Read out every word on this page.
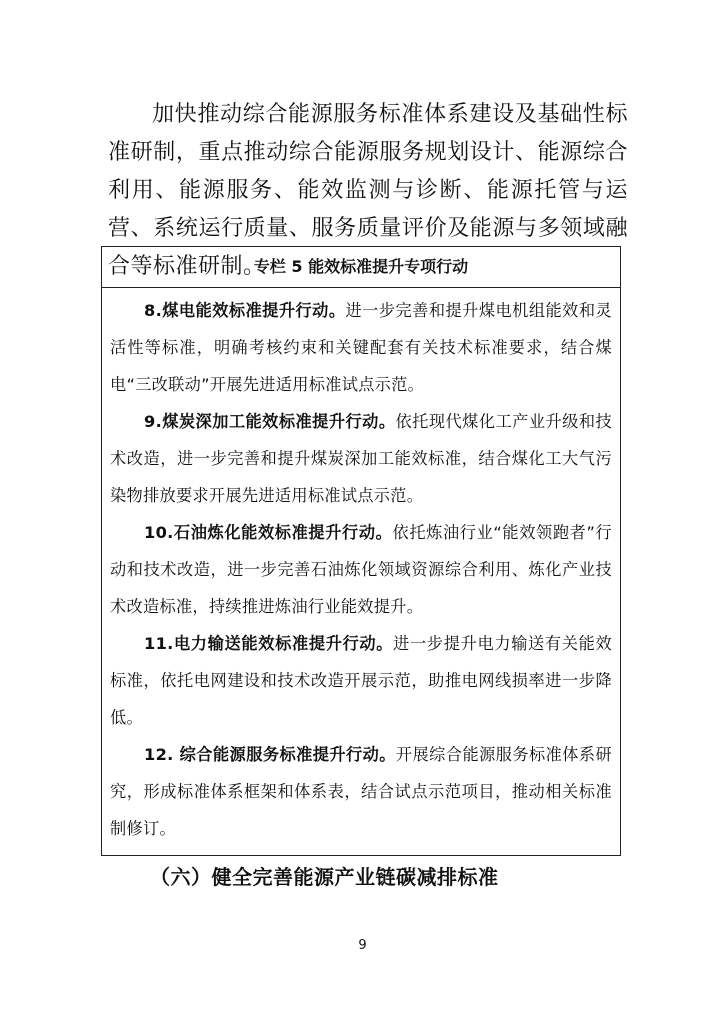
加快推动综合能源服务标准体系建设及基础性标准研制，重点推动综合能源服务规划设计、能源综合利用、能源服务、能效监测与诊断、能源托管与运营、系统运行质量、服务质量评价及能源与多领域融合等标准研制。

专栏 5 能效标准提升专项行动

8.煤电能效标准提升行动。进一步完善和提升煤电机组能效和灵活性等标准，明确考核约束和关键配套有关技术标准要求，结合煤电“三改联动”开展先进适用标准试点示范。

9.煤炭深加工能效标准提升行动。依托现代煤化工产业升级和技术改造，进一步完善和提升煤炭深加工能效标准，结合煤化工大气污染物排放要求开展先进适用标准试点示范。

10.石油炼化能效标准提升行动。依托炼油行业“能效领跑者”行动和技术改造，进一步完善石油炼化领域资源综合利用、炼化产业技术改造标准，持续推进炼油行业能效提升。

11.电力输送能效标准提升行动。进一步提升电力输送有关能效标准，依托电网建设和技术改造开展示范，助推电网线损率进一步降低。

12. 综合能源服务标准提升行动。开展综合能源服务标准体系研究，形成标准体系框架和体系表，结合试点示范项目，推动相关标准制修订。

（六）健全完善能源产业链碳减排标准

9
